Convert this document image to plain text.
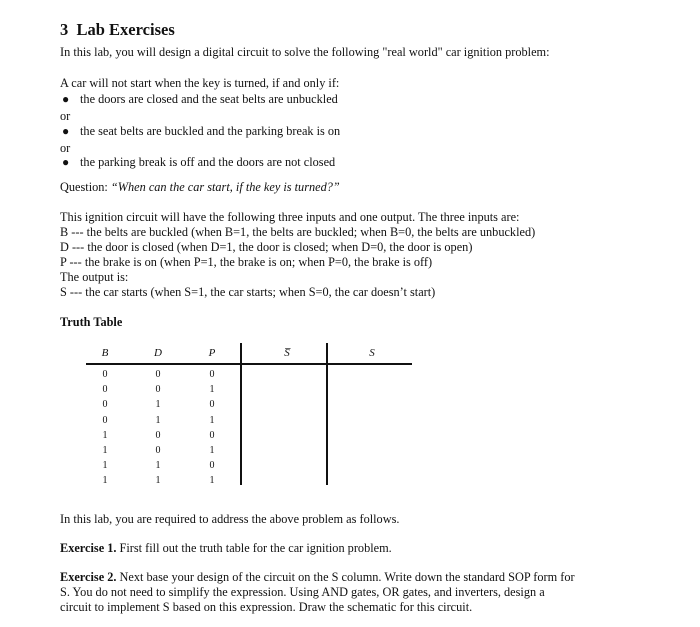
3 Lab Exercises
In this lab, you will design a digital circuit to solve the following "real world" car ignition problem:
A car will not start when the key is turned, if and only if:
● the doors are closed and the seat belts are unbuckled
or
● the seat belts are buckled and the parking break is on
or
● the parking break is off and the doors are not closed
Question: “When can the car start, if the key is turned?”
This ignition circuit will have the following three inputs and one output. The three inputs are:
B --- the belts are buckled (when B=1, the belts are buckled; when B=0, the belts are unbuckled)
D --- the door is closed (when D=1, the door is closed; when D=0, the door is open)
P --- the brake is on (when P=1, the brake is on; when P=0, the brake is off)
The output is:
S --- the car starts (when S=1, the car starts; when S=0, the car doesn’t start)
Truth Table
B	D	P	S̅	S
0	0	0
0	0	1
0	1	0
0	1	1
1	0	0
1	0	1
1	1	0
1	1	1
In this lab, you are required to address the above problem as follows.
Exercise 1. First fill out the truth table for the car ignition problem.
Exercise 2. Next base your design of the circuit on the S column. Write down the standard SOP form for
S. You do not need to simplify the expression. Using AND gates, OR gates, and inverters, design a
circuit to implement S based on this expression. Draw the schematic for this circuit.
